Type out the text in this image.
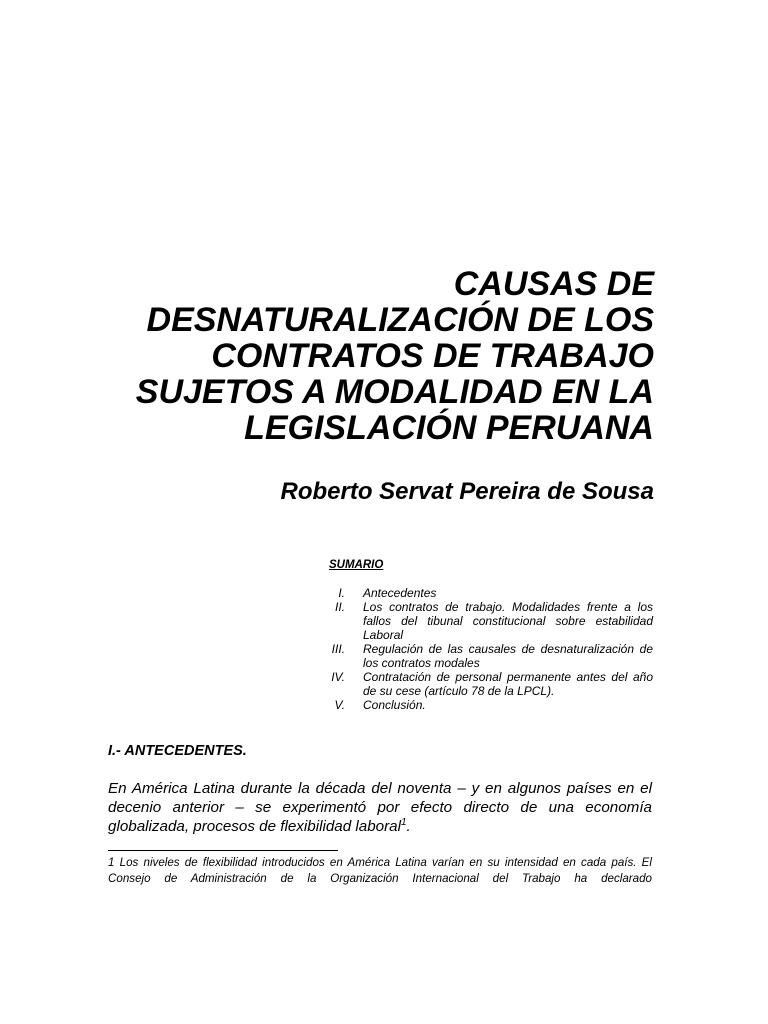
CAUSAS DE
DESNATURALIZACIÓN DE LOS
CONTRATOS DE TRABAJO
SUJETOS A MODALIDAD EN LA
LEGISLACIÓN PERUANA

Roberto Servat Pereira de Sousa

SUMARIO

I. Antecedentes
II. Los contratos de trabajo. Modalidades frente a los fallos del tibunal constitucional sobre estabilidad Laboral
III. Regulación de las causales de desnaturalización de los contratos modales
IV. Contratación de personal permanente antes del año de su cese (artículo 78 de la LPCL).
V. Conclusión.
I.- ANTECEDENTES.

En América Latina durante la década del noventa – y en algunos países en el decenio anterior – se experimentó por efecto directo de una economía globalizada, procesos de flexibilidad laboral$^1$.

1 Los niveles de flexibilidad introducidos en América Latina varían en su intensidad en cada país. El Consejo de Administración de la Organización Internacional del Trabajo ha declarado
